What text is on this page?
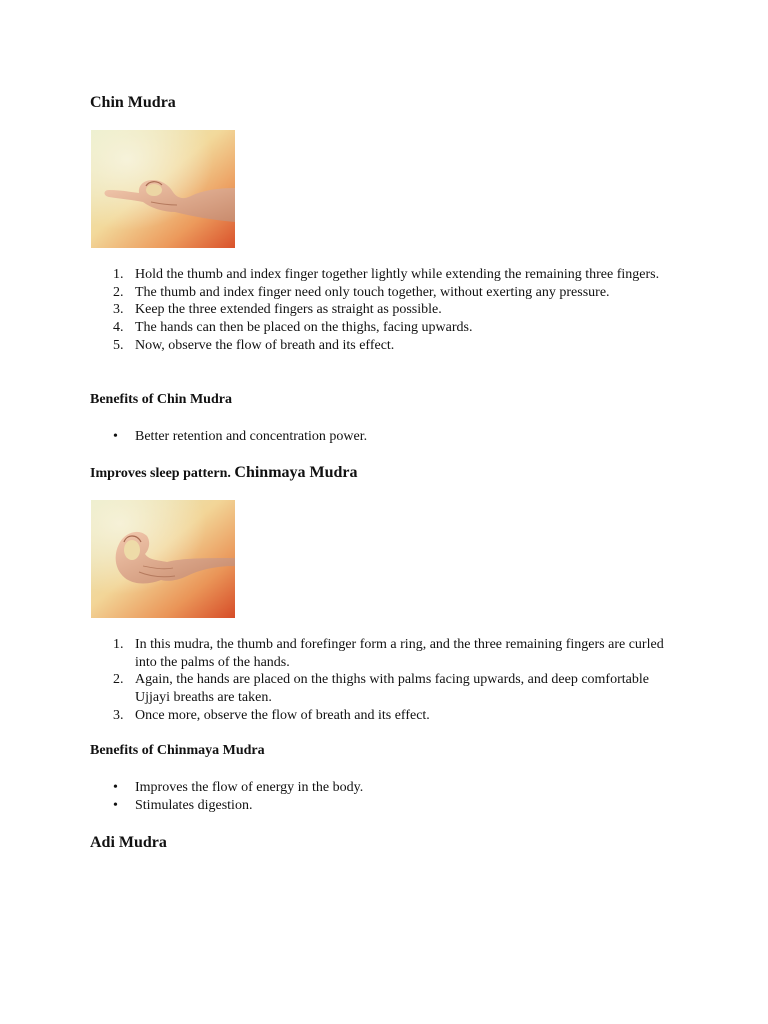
Chin Mudra
1. Hold the thumb and index finger together lightly while extending the remaining three fingers.
2. The thumb and index finger need only touch together, without exerting any pressure.
3. Keep the three extended fingers as straight as possible.
4. The hands can then be placed on the thighs, facing upwards.
5. Now, observe the flow of breath and its effect.
Benefits of Chin Mudra
• Better retention and concentration power.
Improves sleep pattern. Chinmaya Mudra
1. In this mudra, the thumb and forefinger form a ring, and the three remaining fingers are curled into the palms of the hands.
2. Again, the hands are placed on the thighs with palms facing upwards, and deep comfortable Ujjayi breaths are taken.
3. Once more, observe the flow of breath and its effect.
Benefits of Chinmaya Mudra
• Improves the flow of energy in the body.
• Stimulates digestion.
Adi Mudra
